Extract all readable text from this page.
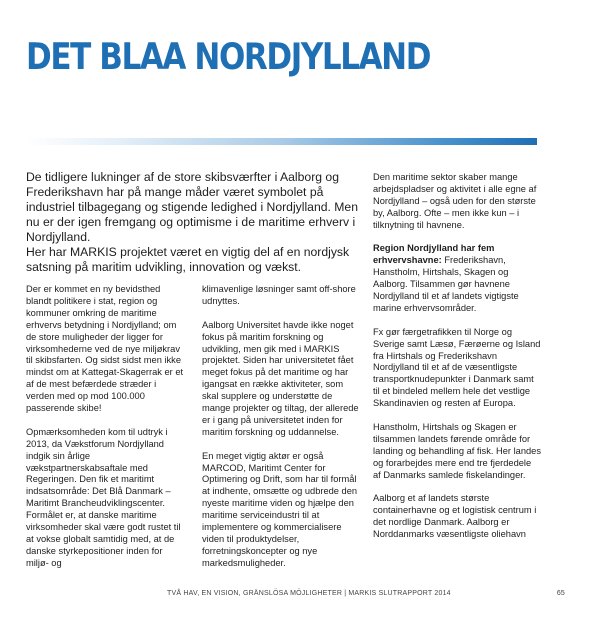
DET BLAA NORDJYLLAND

De tidligere lukninger af de store skibsværfter i Aalborg og Frederikshavn har på mange måder været symbolet på industriel tilbagegang og stigende ledighed i Nordjylland. Men nu er der igen fremgang og optimisme i de maritime erhverv i Nordjylland.

Her har MARKIS projektet været en vigtig del af en nordjysk satsning på maritim udvikling, innovation og vækst.

Der er kommet en ny bevidsthed blandt politikere i stat, region og kommuner omkring de maritime erhvervs betydning i Nordjylland; om de store muligheder der ligger for virksomhederne ved de nye miljøkrav til skibsfarten. Og sidst sidst men ikke mindst om at Kattegat-Skagerrak er et af de mest befærdede stræder i verden med op mod 100.000 passerende skibe!

Opmærksomheden kom til udtryk i 2013, da Vækstforum Nordjylland indgik sin årlige vækstpartnerskabsaftale med Regeringen. Den fik et maritimt indsatsområde: Det Blå Danmark – Maritimt Brancheudviklingscenter. Formålet er, at danske maritime virksomheder skal være godt rustet til at vokse globalt samtidig med, at de danske styrkepositioner inden for miljø- og

klimavenlige løsninger samt off-shore udnyttes.

Aalborg Universitet havde ikke noget fokus på maritim forskning og udvikling, men gik med i MARKIS projektet. Siden har universitetet fået meget fokus på det maritime og har igangsat en række aktiviteter, som skal supplere og understøtte de mange projekter og tiltag, der allerede er i gang på universitetet inden for maritim forskning og uddannelse.

En meget vigtig aktør er også MARCOD, Maritimt Center for Optimering og Drift, som har til formål at indhente, omsætte og udbrede den nyeste maritime viden og hjælpe den maritime serviceindustri til at implementere og kommercialisere viden til produktydelser, forretningskoncepter og nye markedsmuligheder.

Den maritime sektor skaber mange arbejdspladser og aktivitet i alle egne af Nordjylland – også uden for den største by, Aalborg. Ofte – men ikke kun – i tilknytning til havnene.

Region Nordjylland har fem erhvervshavne: Frederikshavn, Hanstholm, Hirtshals, Skagen og Aalborg. Tilsammen gør havnene Nordjylland til et af landets vigtigste marine erhvervsområder.

Fx gør færgetrafikken til Norge og Sverige samt Læsø, Færøerne og Island fra Hirtshals og Frederikshavn Nordjylland til et af de væsentligste transportknudepunkter i Danmark samt til et bindeled mellem hele det vestlige Skandinavien og resten af Europa.

Hanstholm, Hirtshals og Skagen er tilsammen landets førende område for landing og behandling af fisk. Her landes og forarbejdes mere end tre fjerdedele af Danmarks samlede fiskelandinger.

Aalborg et af landets største containerhavne og et logistisk centrum i det nordlige Danmark. Aalborg er Norddanmarks væsentligste oliehavn

TVÅ HAV, EN VISION, GRÄNSLÖSA MÖJLIGHETER | MARKIS SLUTRAPPORT 2014	65
